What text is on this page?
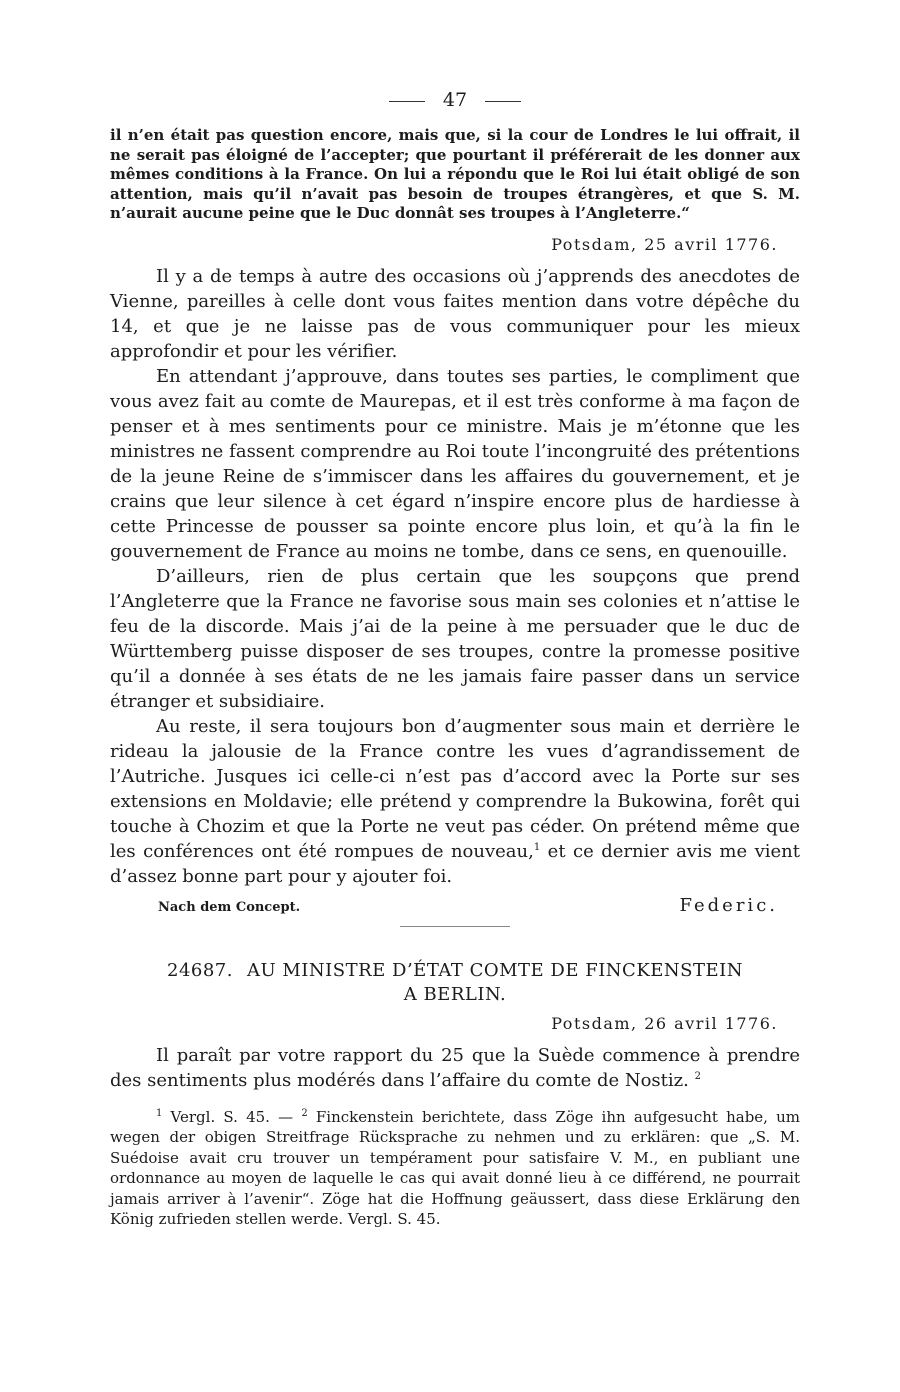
47

il n’en était pas question encore, mais que, si la cour de Londres le lui offrait, il ne serait pas éloigné de l’accepter; que pourtant il préférerait de les donner aux mêmes conditions à la France. On lui a répondu que le Roi lui était obligé de son attention, mais qu’il n’avait pas besoin de troupes étrangères, et que S. M. n’aurait aucune peine que le Duc donnât ses troupes à l’Angleterre.“

Potsdam, 25 avril 1776.

Il y a de temps à autre des occasions où j’apprends des anecdotes de Vienne, pareilles à celle dont vous faites mention dans votre dépêche du 14, et que je ne laisse pas de vous communiquer pour les mieux approfondir et pour les vérifier.

En attendant j’approuve, dans toutes ses parties, le compliment que vous avez fait au comte de Maurepas, et il est très conforme à ma façon de penser et à mes sentiments pour ce ministre. Mais je m’étonne que les ministres ne fassent comprendre au Roi toute l’incongruité des prétentions de la jeune Reine de s’immiscer dans les affaires du gouvernement, et je crains que leur silence à cet égard n’inspire encore plus de hardiesse à cette Princesse de pousser sa pointe encore plus loin, et qu’à la fin le gouvernement de France au moins ne tombe, dans ce sens, en quenouille.

D’ailleurs, rien de plus certain que les soupçons que prend l’Angleterre que la France ne favorise sous main ses colonies et n’attise le feu de la discorde. Mais j’ai de la peine à me persuader que le duc de Württemberg puisse disposer de ses troupes, contre la promesse positive qu’il a donnée à ses états de ne les jamais faire passer dans un service étranger et subsidiaire.

Au reste, il sera toujours bon d’augmenter sous main et derrière le rideau la jalousie de la France contre les vues d’agrandissement de l’Autriche. Jusques ici celle-ci n’est pas d’accord avec la Porte sur ses extensions en Moldavie; elle prétend y comprendre la Bukowina, forêt qui touche à Chozim et que la Porte ne veut pas céder. On prétend même que les conférences ont été rompues de nouveau,$^1$ et ce dernier avis me vient d’assez bonne part pour y ajouter foi.

Nach dem Concept.	Federic.
24687. AU MINISTRE D’ÉTAT COMTE DE FINCKENSTEIN
A BERLIN.
Potsdam, 26 avril 1776.

Il paraît par votre rapport du 25 que la Suède commence à prendre des sentiments plus modérés dans l’affaire du comte de Nostiz. $^2$

$^1$ Vergl. S. 45. — $^2$ Finckenstein berichtete, dass Zöge ihn aufgesucht habe, um wegen der obigen Streitfrage Rücksprache zu nehmen und zu erklären: que „S. M. Suédoise avait cru trouver un tempérament pour satisfaire V. M., en publiant une ordonnance au moyen de laquelle le cas qui avait donné lieu à ce différend, ne pourrait jamais arriver à l’avenir“. Zöge hat die Hoffnung geäussert, dass diese Erklärung den König zufrieden stellen werde. Vergl. S. 45.
